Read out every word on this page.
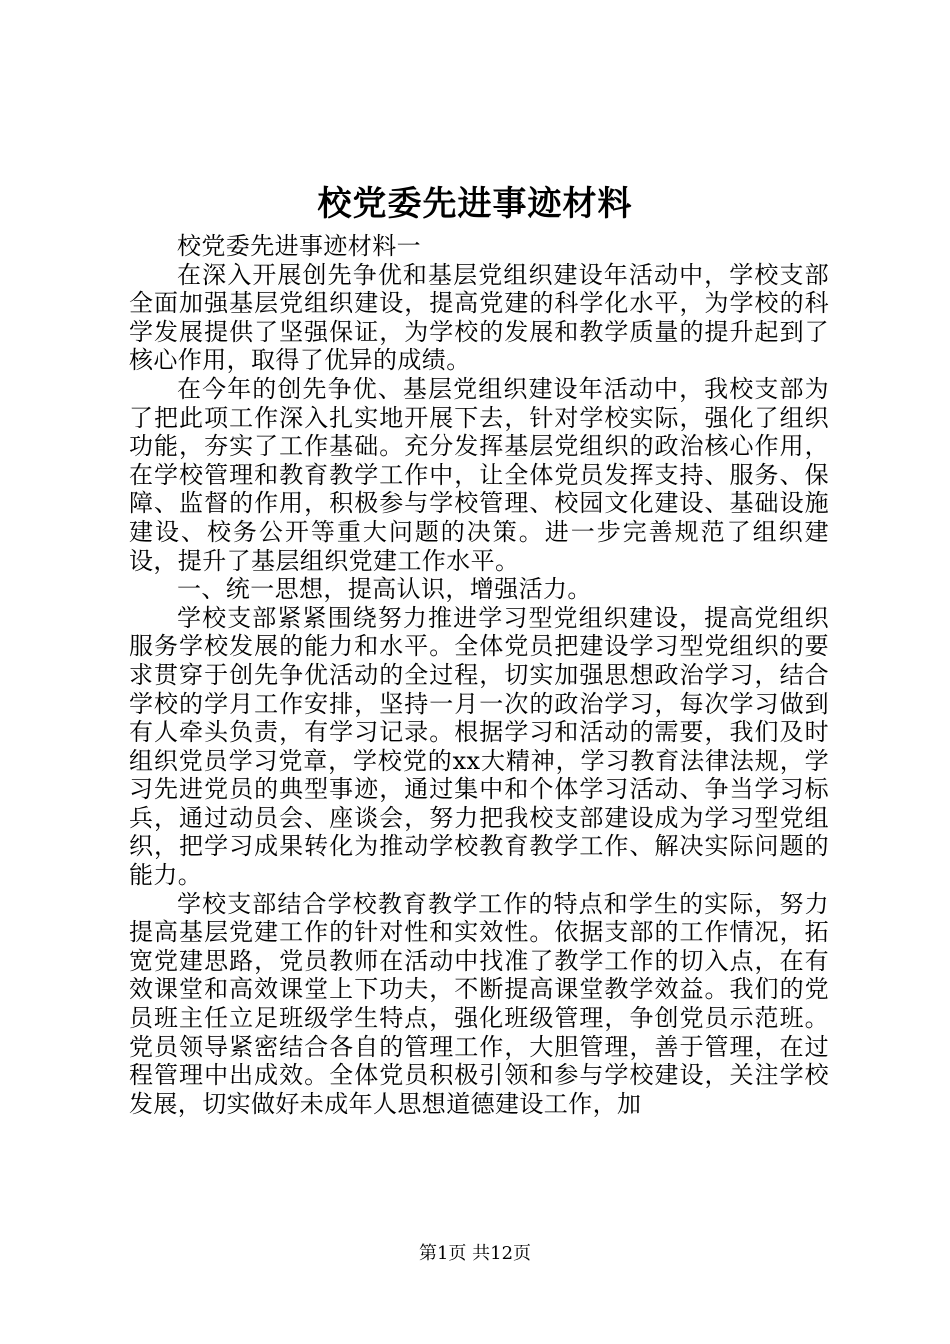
校党委先进事迹材料

校党委先进事迹材料一

在深入开展创先争优和基层党组织建设年活动中，学校支部全面加强基层党组织建设，提高党建的科学化水平，为学校的科学发展提供了坚强保证，为学校的发展和教学质量的提升起到了核心作用，取得了优异的成绩。

在今年的创先争优、基层党组织建设年活动中，我校支部为了把此项工作深入扎实地开展下去，针对学校实际，强化了组织功能，夯实了工作基础。充分发挥基层党组织的政治核心作用，在学校管理和教育教学工作中，让全体党员发挥支持、服务、保障、监督的作用，积极参与学校管理、校园文化建设、基础设施建设、校务公开等重大问题的决策。进一步完善规范了组织建设，提升了基层组织党建工作水平。

一、统一思想，提高认识，增强活力。

学校支部紧紧围绕努力推进学习型党组织建设，提高党组织服务学校发展的能力和水平。全体党员把建设学习型党组织的要求贯穿于创先争优活动的全过程，切实加强思想政治学习，结合学校的学月工作安排，坚持一月一次的政治学习，每次学习做到有人牵头负责，有学习记录。根据学习和活动的需要，我们及时组织党员学习党章，学校党的xx大精神，学习教育法律法规，学习先进党员的典型事迹，通过集中和个体学习活动、争当学习标兵，通过动员会、座谈会，努力把我校支部建设成为学习型党组织，把学习成果转化为推动学校教育教学工作、解决实际问题的能力。

学校支部结合学校教育教学工作的特点和学生的实际，努力提高基层党建工作的针对性和实效性。依据支部的工作情况，拓宽党建思路，党员教师在活动中找准了教学工作的切入点，在有效课堂和高效课堂上下功夫，不断提高课堂教学效益。我们的党员班主任立足班级学生特点，强化班级管理，争创党员示范班。党员领导紧密结合各自的管理工作，大胆管理，善于管理，在过程管理中出成效。全体党员积极引领和参与学校建设，关注学校发展，切实做好未成年人思想道德建设工作，加

第1页 共12页
